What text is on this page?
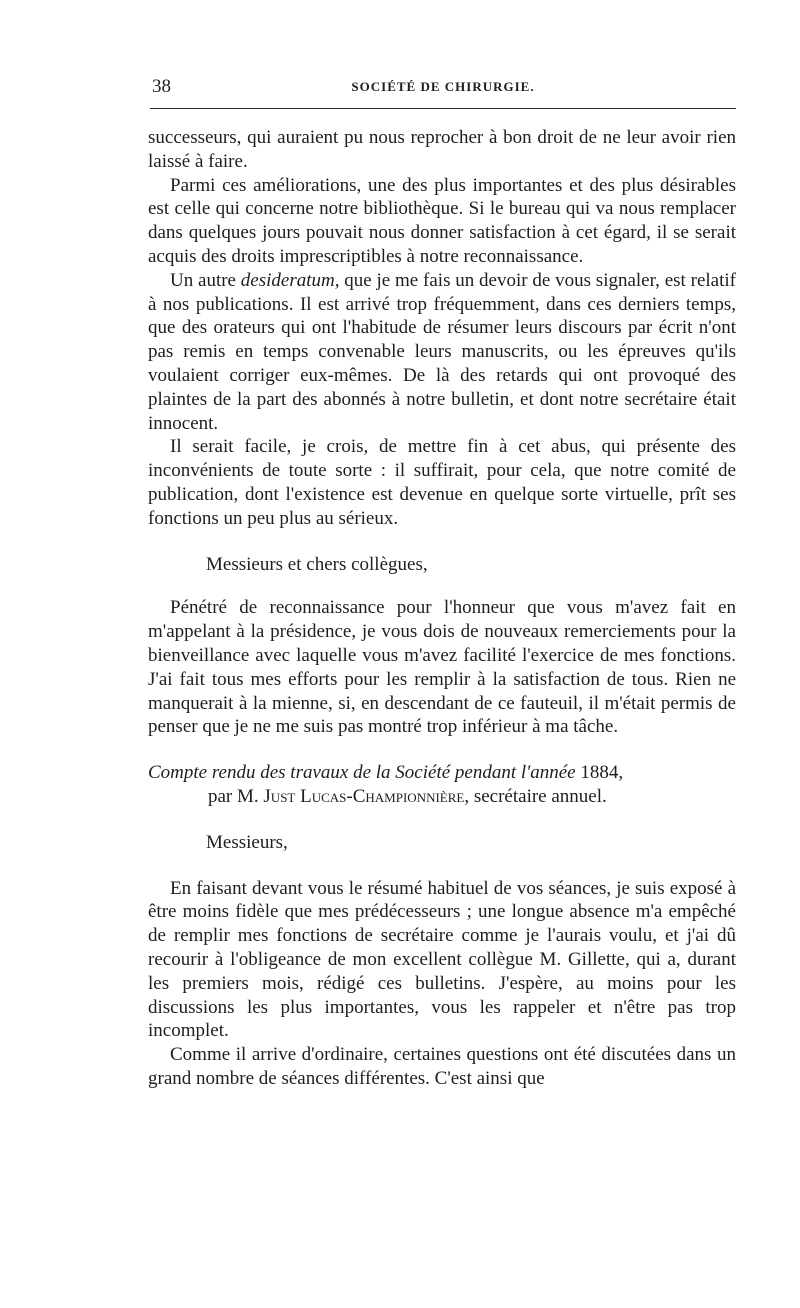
38	SOCIÉTÉ DE CHIRURGIE.

successeurs, qui auraient pu nous reprocher à bon droit de ne leur avoir rien laissé à faire.

Parmi ces améliorations, une des plus importantes et des plus désirables est celle qui concerne notre bibliothèque. Si le bureau qui va nous remplacer dans quelques jours pouvait nous donner satisfaction à cet égard, il se serait acquis des droits imprescriptibles à notre reconnaissance.

Un autre desideratum, que je me fais un devoir de vous signaler, est relatif à nos publications. Il est arrivé trop fréquemment, dans ces derniers temps, que des orateurs qui ont l'habitude de résumer leurs discours par écrit n'ont pas remis en temps convenable leurs manuscrits, ou les épreuves qu'ils voulaient corriger eux-mêmes. De là des retards qui ont provoqué des plaintes de la part des abonnés à notre bulletin, et dont notre secrétaire était innocent.

Il serait facile, je crois, de mettre fin à cet abus, qui présente des inconvénients de toute sorte : il suffirait, pour cela, que notre comité de publication, dont l'existence est devenue en quelque sorte virtuelle, prît ses fonctions un peu plus au sérieux.

Messieurs et chers collègues,

Pénétré de reconnaissance pour l'honneur que vous m'avez fait en m'appelant à la présidence, je vous dois de nouveaux remerciements pour la bienveillance avec laquelle vous m'avez facilité l'exercice de mes fonctions. J'ai fait tous mes efforts pour les remplir à la satisfaction de tous. Rien ne manquerait à la mienne, si, en descendant de ce fauteuil, il m'était permis de penser que je ne me suis pas montré trop inférieur à ma tâche.

Compte rendu des travaux de la Société pendant l'année 1884,
par M. Just Lucas-Championnière, secrétaire annuel.

Messieurs,

En faisant devant vous le résumé habituel de vos séances, je suis exposé à être moins fidèle que mes prédécesseurs ; une longue absence m'a empêché de remplir mes fonctions de secrétaire comme je l'aurais voulu, et j'ai dû recourir à l'obligeance de mon excellent collègue M. Gillette, qui a, durant les premiers mois, rédigé ces bulletins. J'espère, au moins pour les discussions les plus importantes, vous les rappeler et n'être pas trop incomplet.

Comme il arrive d'ordinaire, certaines questions ont été discutées dans un grand nombre de séances différentes. C'est ainsi que
